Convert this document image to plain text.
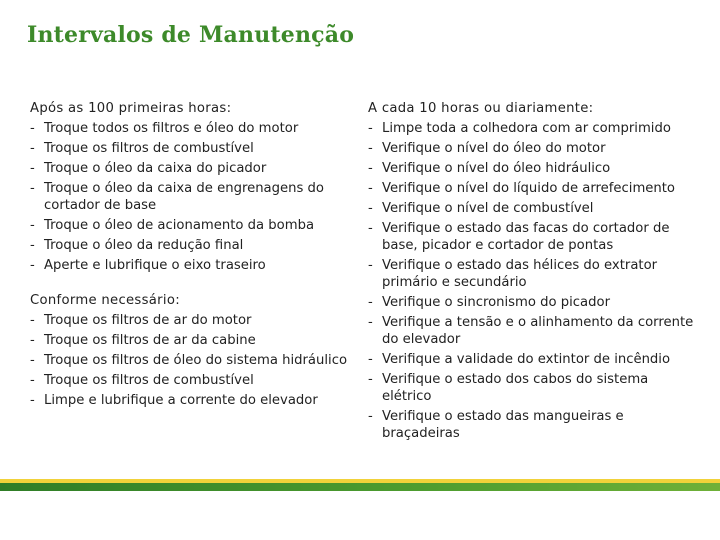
Intervalos de Manutenção

Após as 100 primeiras horas:

- Troque todos os filtros e óleo do motor
- Troque os filtros de combustível
- Troque o óleo da caixa do picador
- Troque o óleo da caixa de engrenagens do cortador de base
- Troque o óleo de acionamento da bomba
- Troque o óleo da redução final
- Aperte e lubrifique o eixo traseiro

Conforme necessário:

- Troque os filtros de ar do motor
- Troque os filtros de ar da cabine
- Troque os filtros de óleo do sistema hidráulico
- Troque os filtros de combustível
- Limpe e lubrifique a corrente do elevador

A cada 10 horas ou diariamente:

- Limpe toda a colhedora com ar comprimido
- Verifique o nível do óleo do motor
- Verifique o nível do óleo hidráulico
- Verifique o nível do líquido de arrefecimento
- Verifique o nível de combustível
- Verifique o estado das facas do cortador de base, picador e cortador de pontas
- Verifique o estado das hélices do extrator primário e secundário
- Verifique o sincronismo do picador
- Verifique a tensão e o alinhamento da corrente do elevador
- Verifique a validade do extintor de incêndio
- Verifique o estado dos cabos do sistema elétrico
- Verifique o estado das mangueiras e braçadeiras
